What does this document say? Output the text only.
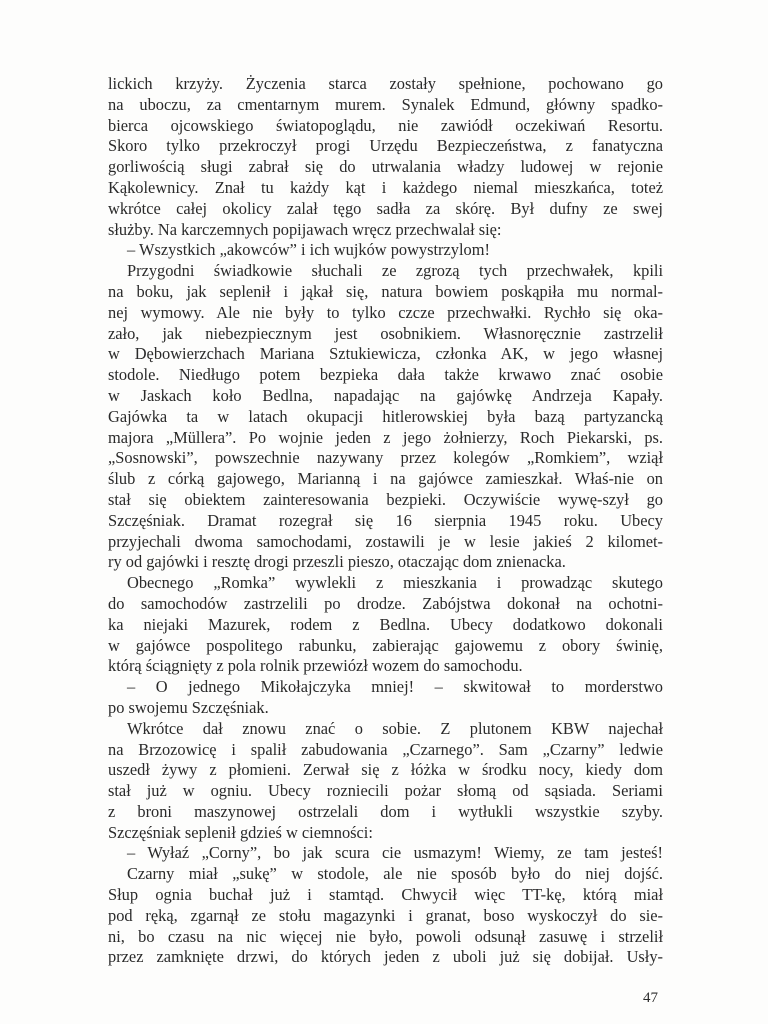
lickich krzyży. Życzenia starca zostały spełnione, pochowano go
na uboczu, za cmentarnym murem. Synalek Edmund, główny spadko-
bierca ojcowskiego światopoglądu, nie zawiódł oczekiwań Resortu.
Skoro tylko przekroczył progi Urzędu Bezpieczeństwa, z fanatyczna
gorliwością sługi zabrał się do utrwalania władzy ludowej w rejonie
Kąkolewnicy. Znał tu każdy kąt i każdego niemal mieszkańca, toteż
wkrótce całej okolicy zalał tęgo sadła za skórę. Był dufny ze swej
służby. Na karczemnych popijawach wręcz przechwalał się:
– Wszystkich „akowców” i ich wujków powystrzylom!
Przygodni świadkowie słuchali ze zgrozą tych przechwałek, kpili
na boku, jak seplenił i jąkał się, natura bowiem poskąpiła mu normal-
nej wymowy. Ale nie były to tylko czcze przechwałki. Rychło się oka-
zało, jak niebezpiecznym jest osobnikiem. Własnoręcznie zastrzelił
w Dębowierzchach Mariana Sztukiewicza, członka AK, w jego własnej
stodole. Niedługo potem bezpieka dała także krwawo znać osobie
w Jaskach koło Bedlna, napadając na gajówkę Andrzeja Kapały.
Gajówka ta w latach okupacji hitlerowskiej była bazą partyzancką
majora „Müllera”. Po wojnie jeden z jego żołnierzy, Roch Piekarski, ps.
„Sosnowski”, powszechnie nazywany przez kolegów „Romkiem”, wziął
ślub z córką gajowego, Marianną i na gajówce zamieszkał. Właś-nie on
stał się obiektem zainteresowania bezpieki. Oczywiście wywę-szył go
Szczęśniak. Dramat rozegrał się 16 sierpnia 1945 roku. Ubecy
przyjechali dwoma samochodami, zostawili je w lesie jakieś 2 kilomet-
ry od gajówki i resztę drogi przeszli pieszo, otaczając dom znienacka.
Obecnego „Romka” wywlekli z mieszkania i prowadząc skutego
do samochodów zastrzelili po drodze. Zabójstwa dokonał na ochotni-
ka niejaki Mazurek, rodem z Bedlna. Ubecy dodatkowo dokonali
w gajówce pospolitego rabunku, zabierając gajowemu z obory świnię,
którą ściągnięty z pola rolnik przewiózł wozem do samochodu.
– O jednego Mikołajczyka mniej! – skwitował to morderstwo
po swojemu Szczęśniak.
Wkrótce dał znowu znać o sobie. Z plutonem KBW najechał
na Brzozowicę i spalił zabudowania „Czarnego”. Sam „Czarny” ledwie
uszedł żywy z płomieni. Zerwał się z łóżka w środku nocy, kiedy dom
stał już w ogniu. Ubecy rozniecili pożar słomą od sąsiada. Seriami
z broni maszynowej ostrzelali dom i wytłukli wszystkie szyby.
Szczęśniak seplenił gdzieś w ciemności:
– Wyłaź „Corny”, bo jak scura cie usmazym! Wiemy, ze tam jesteś!
Czarny miał „sukę” w stodole, ale nie sposób było do niej dojść.
Słup ognia buchał już i stamtąd. Chwycił więc TT-kę, którą miał
pod ręką, zgarnął ze stołu magazynki i granat, boso wyskoczył do sie-
ni, bo czasu na nic więcej nie było, powoli odsunął zasuwę i strzelił
przez zamknięte drzwi, do których jeden z uboli już się dobijał. Usły-
47
